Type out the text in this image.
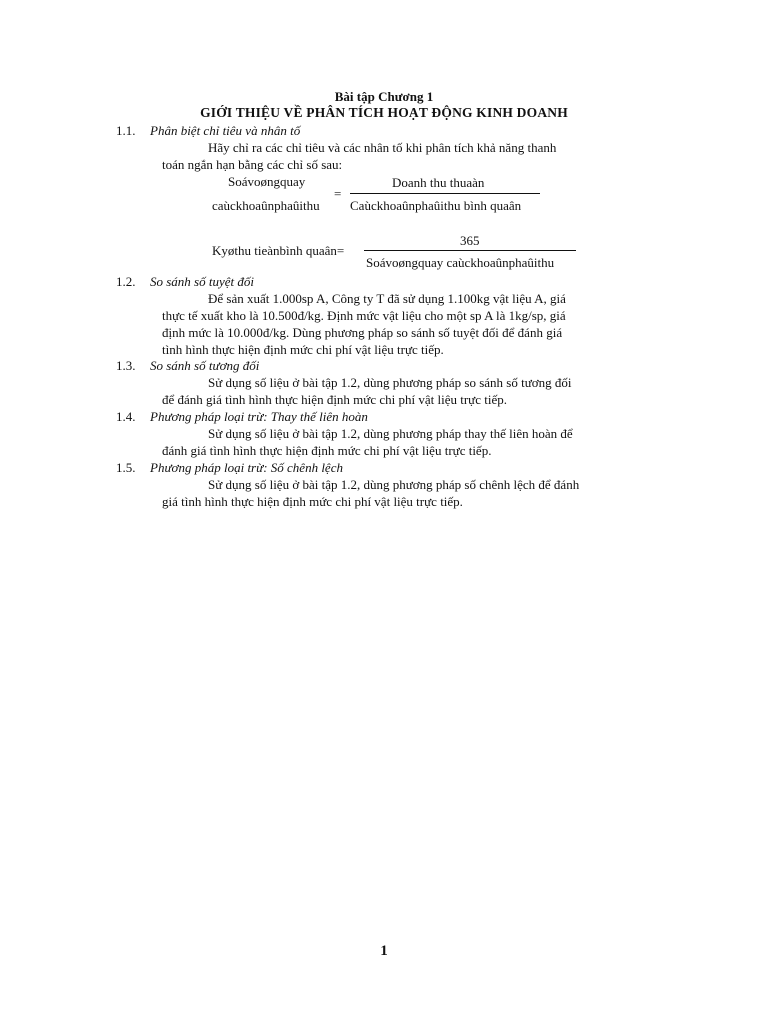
Bài tập Chương 1
GIỚI THIỆU VỀ PHÂN TÍCH HOẠT ĐỘNG KINH DOANH
1.1. Phân biệt chỉ tiêu và nhân tố
Hãy chỉ ra các chỉ tiêu và các nhân tố khi phân tích khả năng thanh
toán ngắn hạn bằng các chỉ số sau:
Soávoøngquay
caùckhoaûnphaûithu
=
Doanh thu thuaàn
Caùckhoaûnphaûithu bình quaân
Kyøthu tieànbình quaân=
365
Soávoøngquay caùckhoaûnphaûithu
1.2. So sánh số tuyệt đối
Để sản xuất 1.000sp A, Công ty T đã sử dụng 1.100kg vật liệu A, giá
thực tế xuất kho là 10.500đ/kg. Định mức vật liệu cho một sp A là 1kg/sp, giá
định mức là 10.000đ/kg. Dùng phương pháp so sánh số tuyệt đối để đánh giá
tình hình thực hiện định mức chi phí vật liệu trực tiếp.
1.3. So sánh số tương đối
Sử dụng số liệu ở bài tập 1.2, dùng phương pháp so sánh số tương đối
để đánh giá tình hình thực hiện định mức chi phí vật liệu trực tiếp.
1.4. Phương pháp loại trừ: Thay thế liên hoàn
Sử dụng số liệu ở bài tập 1.2, dùng phương pháp thay thế liên hoàn để
đánh giá tình hình thực hiện định mức chi phí vật liệu trực tiếp.
1.5. Phương pháp loại trừ: Số chênh lệch
Sử dụng số liệu ở bài tập 1.2, dùng phương pháp số chênh lệch để đánh
giá tình hình thực hiện định mức chi phí vật liệu trực tiếp.
1
